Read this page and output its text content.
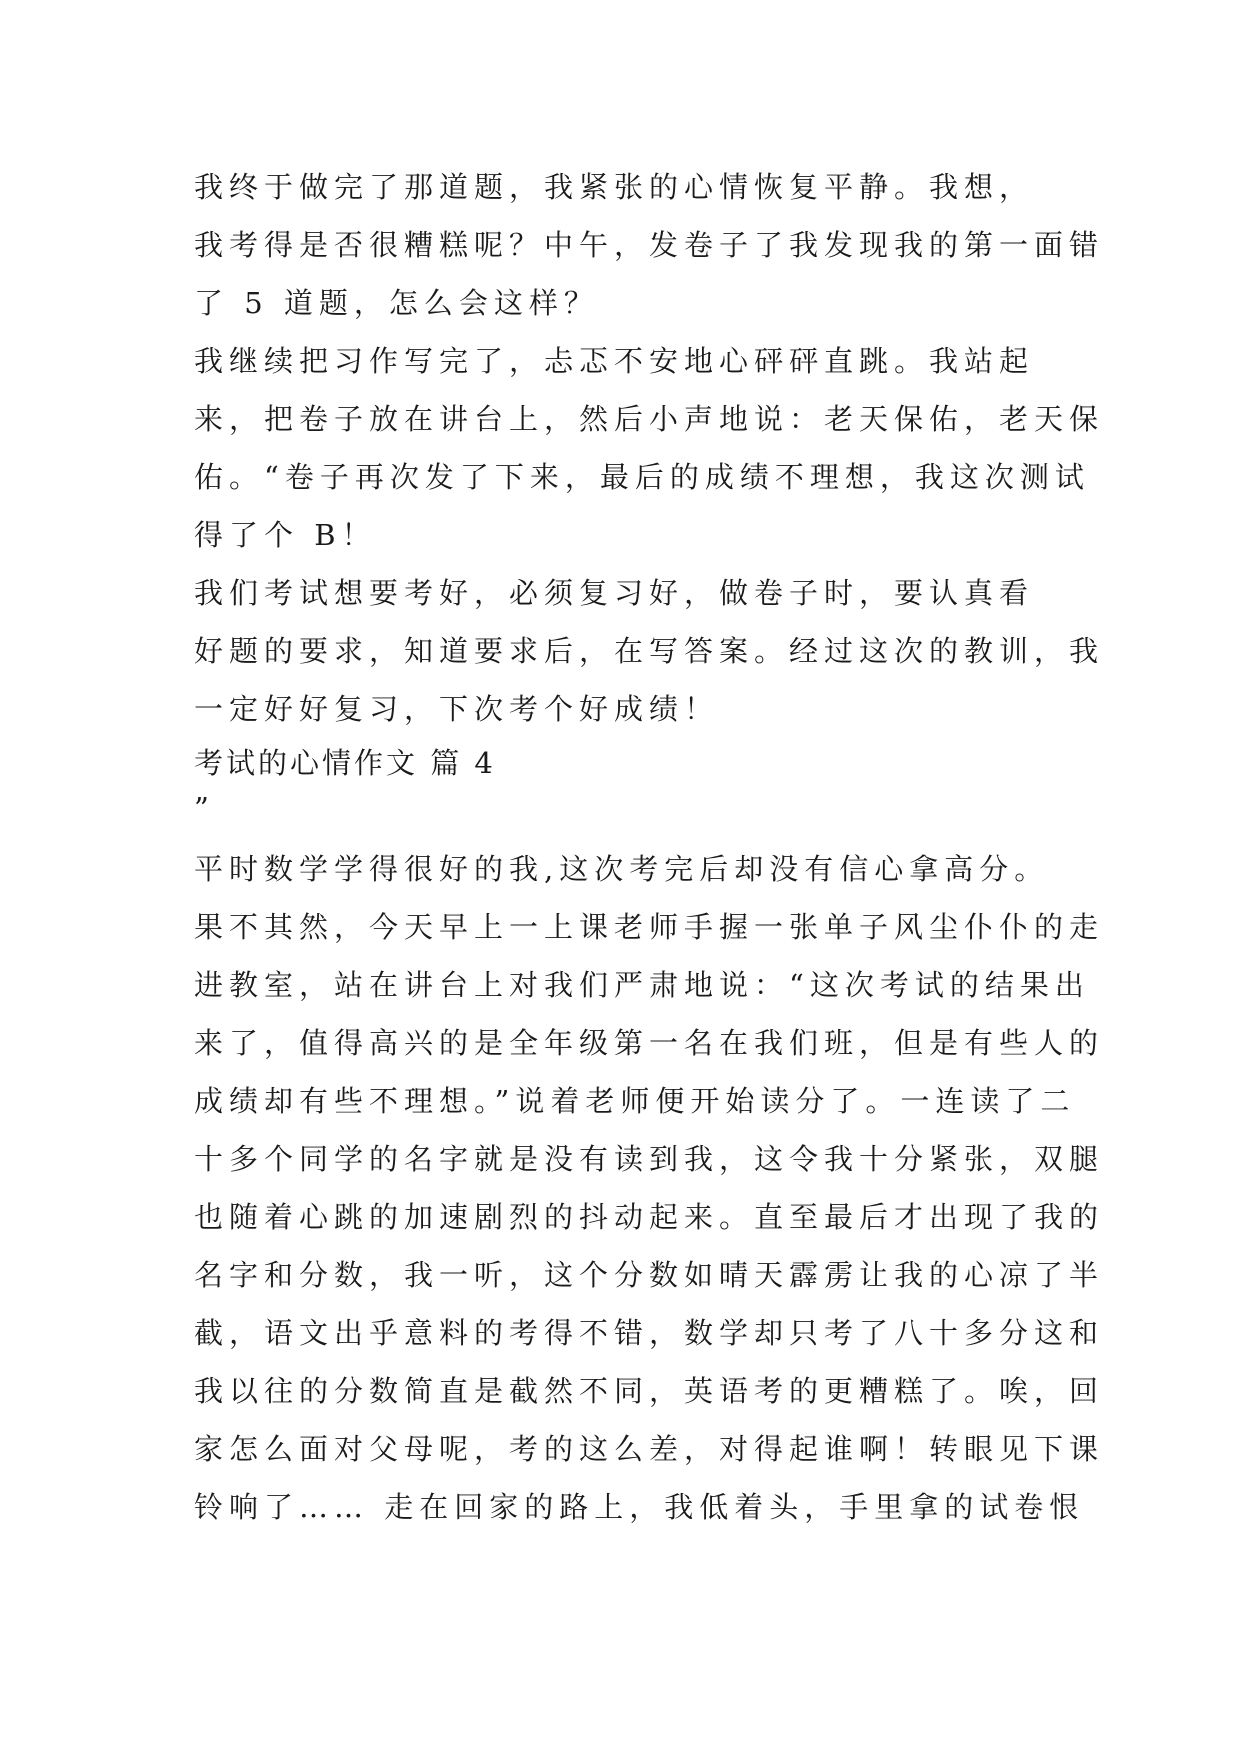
我终于做完了那道题，我紧张的心情恢复平静。我想，
我考得是否很糟糕呢？中午，发卷子了我发现我的第一面错
了 5 道题，怎么会这样？
我继续把习作写完了，忐忑不安地心砰砰直跳。我站起
来，把卷子放在讲台上，然后小声地说：老天保佑，老天保
佑。“卷子再次发了下来，最后的成绩不理想，我这次测试
得了个 B！
我们考试想要考好，必须复习好，做卷子时，要认真看
好题的要求，知道要求后，在写答案。经过这次的教训，我
一定好好复习，下次考个好成绩！
考试的心情作文 篇 4
”
平时数学学得很好的我,这次考完后却没有信心拿高分。
果不其然，今天早上一上课老师手握一张单子风尘仆仆的走
进教室，站在讲台上对我们严肃地说：“这次考试的结果出
来了，值得高兴的是全年级第一名在我们班，但是有些人的
成绩却有些不理想。”说着老师便开始读分了。一连读了二
十多个同学的名字就是没有读到我，这令我十分紧张，双腿
也随着心跳的加速剧烈的抖动起来。直至最后才出现了我的
名字和分数，我一听，这个分数如晴天霹雳让我的心凉了半
截，语文出乎意料的考得不错，数学却只考了八十多分这和
我以往的分数简直是截然不同，英语考的更糟糕了。唉，回
家怎么面对父母呢，考的这么差，对得起谁啊！转眼见下课
铃响了…… 走在回家的路上，我低着头，手里拿的试卷恨
